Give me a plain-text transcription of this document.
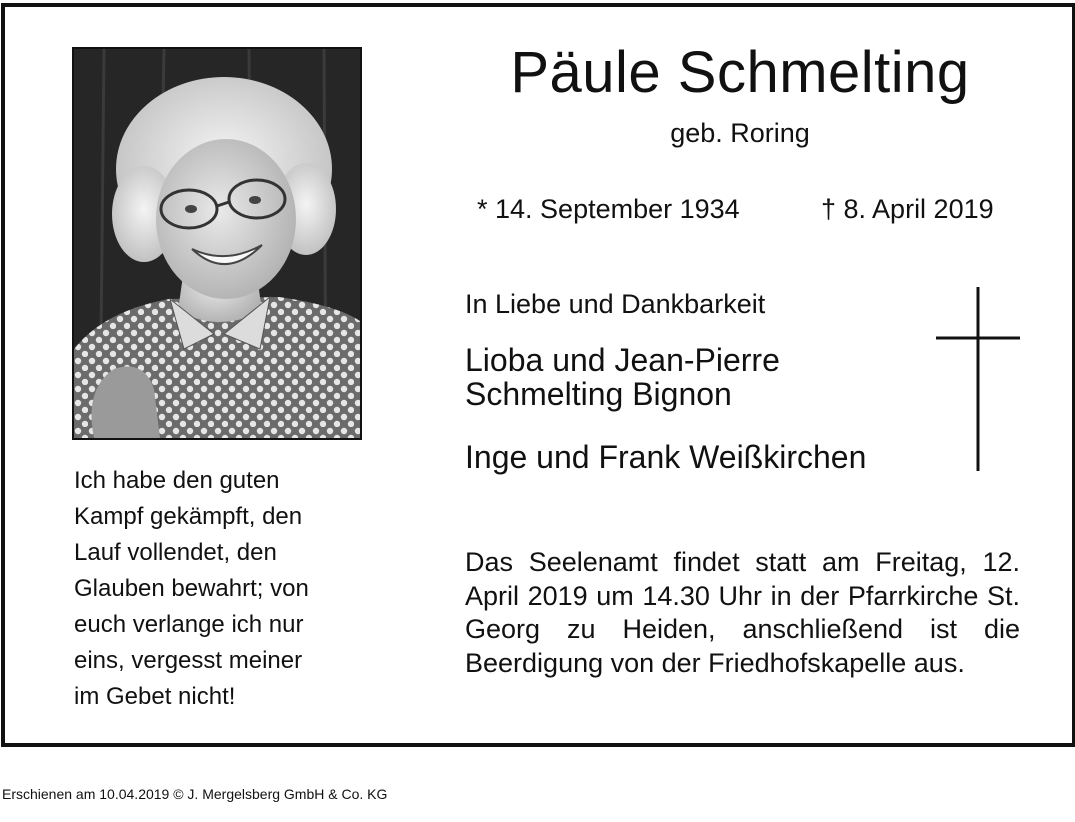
Päule Schmelting
geb. Roring
* 14. September 1934	† 8. April 2019
In Liebe und Dankbarkeit
Lioba und Jean-Pierre
Schmelting Bignon
Inge und Frank Weißkirchen
Ich habe den guten
Kampf gekämpft, den
Lauf vollendet, den
Glauben bewahrt; von
euch verlange ich nur
eins, vergesst meiner
im Gebet nicht!
Das Seelenamt findet statt am Freitag, 12. April 2019 um 14.30 Uhr in der Pfarrkirche St. Georg zu Heiden, anschließend ist die Beerdigung von der Friedhofskapelle aus.
Erschienen am 10.04.2019 © J. Mergelsberg GmbH & Co. KG
